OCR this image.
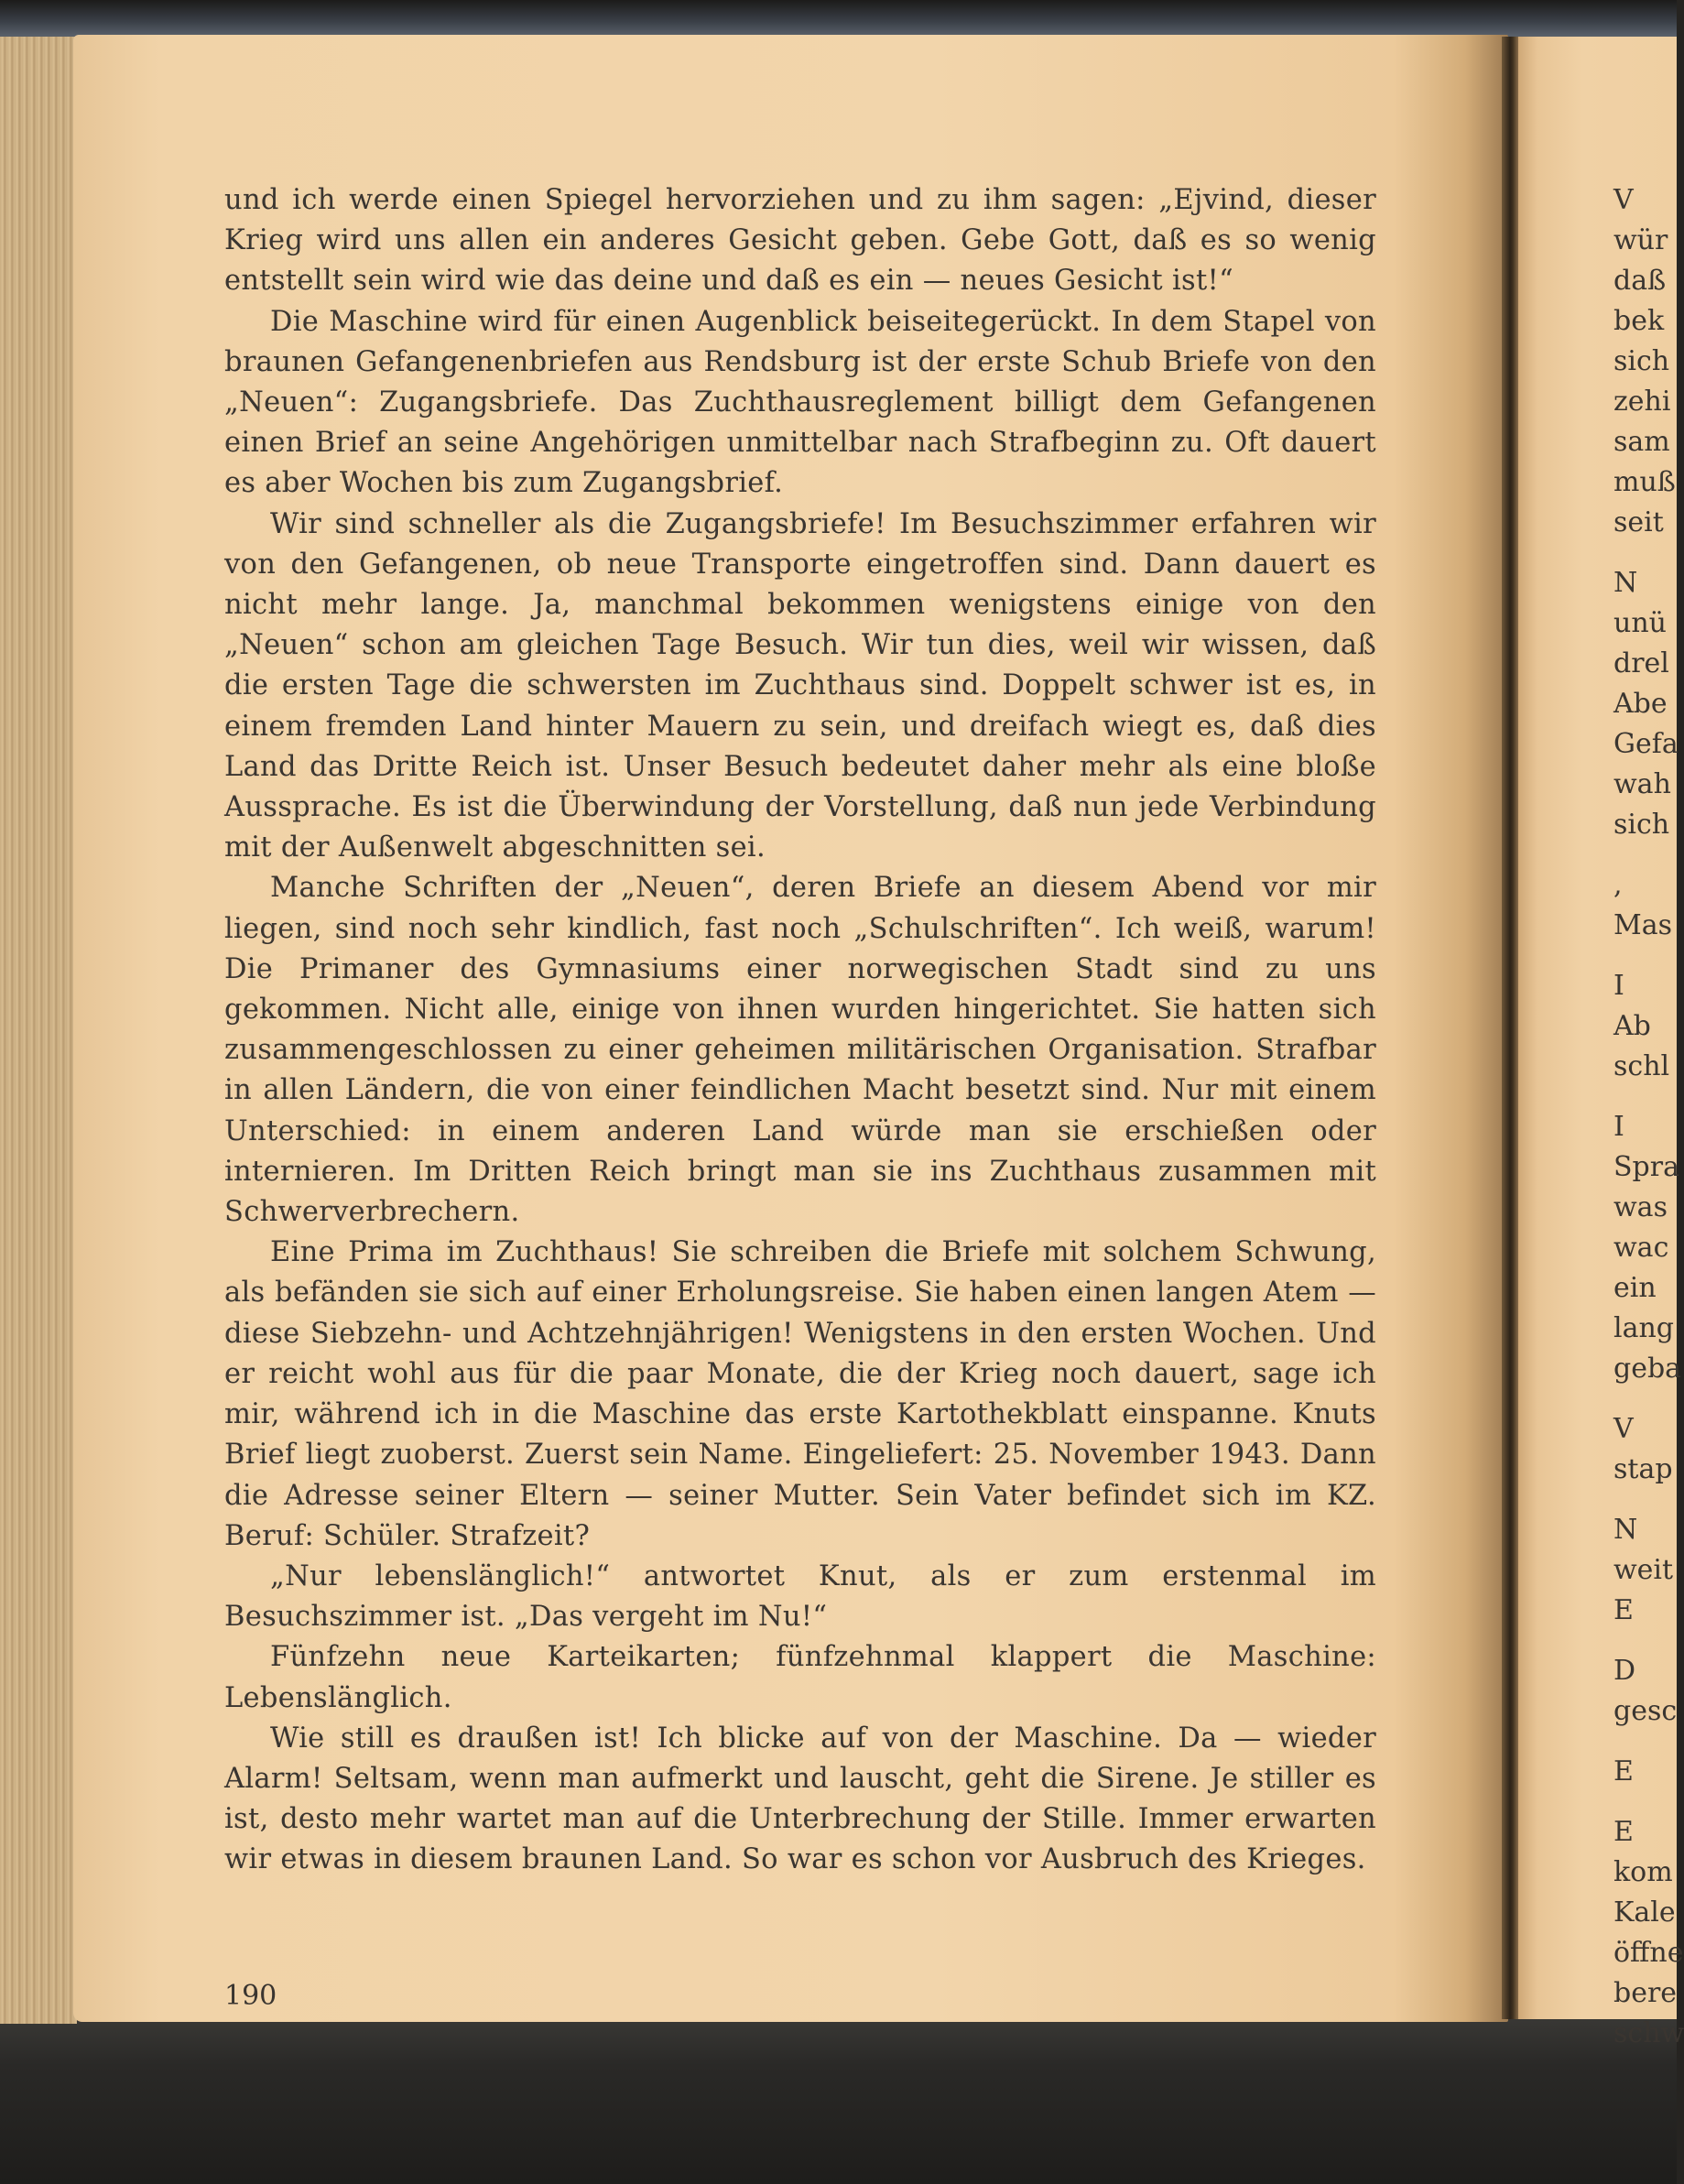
und ich werde einen Spiegel hervorziehen und zu ihm sagen: „Ejvind, dieser Krieg wird uns allen ein anderes Gesicht geben. Gebe Gott, daß es so wenig entstellt sein wird wie das deine und daß es ein — neues Gesicht ist!“

Die Maschine wird für einen Augenblick beiseitegerückt. In dem Stapel von braunen Gefangenenbriefen aus Rendsburg ist der erste Schub Briefe von den „Neuen“: Zugangsbriefe. Das Zuchthausreglement billigt dem Gefangenen einen Brief an seine Angehörigen unmittelbar nach Strafbeginn zu. Oft dauert es aber Wochen bis zum Zugangsbrief.

Wir sind schneller als die Zugangsbriefe! Im Besuchszimmer erfahren wir von den Gefangenen, ob neue Transporte eingetroffen sind. Dann dauert es nicht mehr lange. Ja, manchmal bekommen wenigstens einige von den „Neuen“ schon am gleichen Tage Besuch. Wir tun dies, weil wir wissen, daß die ersten Tage die schwersten im Zuchthaus sind. Doppelt schwer ist es, in einem fremden Land hinter Mauern zu sein, und dreifach wiegt es, daß dies Land das Dritte Reich ist. Unser Besuch bedeutet daher mehr als eine bloße Aussprache. Es ist die Überwindung der Vorstellung, daß nun jede Verbindung mit der Außenwelt abgeschnitten sei.

Manche Schriften der „Neuen“, deren Briefe an diesem Abend vor mir liegen, sind noch sehr kindlich, fast noch „Schulschriften“. Ich weiß, warum! Die Primaner des Gymnasiums einer norwegischen Stadt sind zu uns gekommen. Nicht alle, einige von ihnen wurden hingerichtet. Sie hatten sich zusammengeschlossen zu einer geheimen militärischen Organisation. Strafbar in allen Ländern, die von einer feindlichen Macht besetzt sind. Nur mit einem Unterschied: in einem anderen Land würde man sie erschießen oder internieren. Im Dritten Reich bringt man sie ins Zuchthaus zusammen mit Schwerverbrechern.

Eine Prima im Zuchthaus! Sie schreiben die Briefe mit solchem Schwung, als befänden sie sich auf einer Erholungsreise. Sie haben einen langen Atem — diese Siebzehn- und Achtzehnjährigen! Wenigstens in den ersten Wochen. Und er reicht wohl aus für die paar Monate, die der Krieg noch dauert, sage ich mir, während ich in die Maschine das erste Kartothekblatt einspanne. Knuts Brief liegt zuoberst. Zuerst sein Name. Eingeliefert: 25. November 1943. Dann die Adresse seiner Eltern — seiner Mutter. Sein Vater befindet sich im KZ. Beruf: Schüler. Strafzeit?

„Nur lebenslänglich!“ antwortet Knut, als er zum erstenmal im Besuchszimmer ist. „Das vergeht im Nu!“

Fünfzehn neue Karteikarten; fünfzehnmal klappert die Maschine: Lebenslänglich.

Wie still es draußen ist! Ich blicke auf von der Maschine. Da — wieder Alarm! Seltsam, wenn man aufmerkt und lauscht, geht die Sirene. Je stiller es ist, desto mehr wartet man auf die Unterbrechung der Stille. Immer erwarten wir etwas in diesem braunen Land. So war es schon vor Ausbruch des Krieges.

190
V
wür
daß
bek
sich
zehi
sam
muß
seit
N
unü
drel
Abe
Gefa
wah
sich
,
Mas
I
Ab
schl
I
Spra
was
wac
ein
lang
geba
V
stap
N
weit
E
D
gesc
E
E
kom
Kale
öffne
bere
schw
